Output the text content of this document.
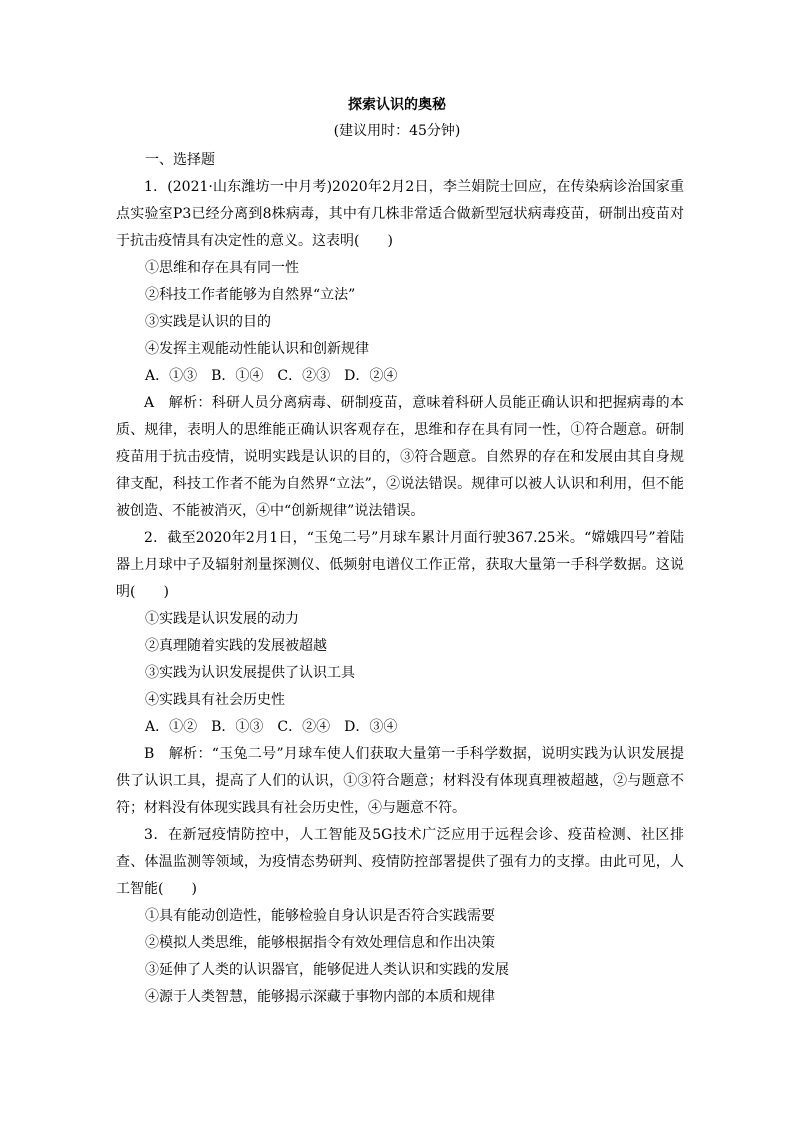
探索认识的奥秘
(建议用时：45分钟)

一、选择题

1．(2021·山东潍坊一中月考)2020年2月2日，李兰娟院士回应，在传染病诊治国家重点实验室P3已经分离到8株病毒，其中有几株非常适合做新型冠状病毒疫苗，研制出疫苗对于抗击疫情具有决定性的意义。这表明(　　)

①思维和存在具有同一性

②科技工作者能够为自然界“立法”

③实践是认识的目的

④发挥主观能动性能认识和创新规律

A．①③　B．①④　C．②③　D．②④

A　解析：科研人员分离病毒、研制疫苗，意味着科研人员能正确认识和把握病毒的本质、规律，表明人的思维能正确认识客观存在，思维和存在具有同一性，①符合题意。研制疫苗用于抗击疫情，说明实践是认识的目的，③符合题意。自然界的存在和发展由其自身规律支配，科技工作者不能为自然界“立法”，②说法错误。规律可以被人认识和利用，但不能被创造、不能被消灭，④中“创新规律”说法错误。

2．截至2020年2月1日，“玉兔二号”月球车累计月面行驶367.25米。“嫦娥四号”着陆器上月球中子及辐射剂量探测仪、低频射电谱仪工作正常，获取大量第一手科学数据。这说明(　　)

①实践是认识发展的动力

②真理随着实践的发展被超越

③实践为认识发展提供了认识工具

④实践具有社会历史性

A．①②　B．①③　C．②④　D．③④

B　解析：“玉兔二号”月球车使人们获取大量第一手科学数据，说明实践为认识发展提供了认识工具，提高了人们的认识，①③符合题意；材料没有体现真理被超越，②与题意不符；材料没有体现实践具有社会历史性，④与题意不符。

3．在新冠疫情防控中，人工智能及5G技术广泛应用于远程会诊、疫苗检测、社区排查、体温监测等领域，为疫情态势研判、疫情防控部署提供了强有力的支撑。由此可见，人工智能(　　)

①具有能动创造性，能够检验自身认识是否符合实践需要

②模拟人类思维，能够根据指令有效处理信息和作出决策

③延伸了人类的认识器官，能够促进人类认识和实践的发展

④源于人类智慧，能够揭示深藏于事物内部的本质和规律
